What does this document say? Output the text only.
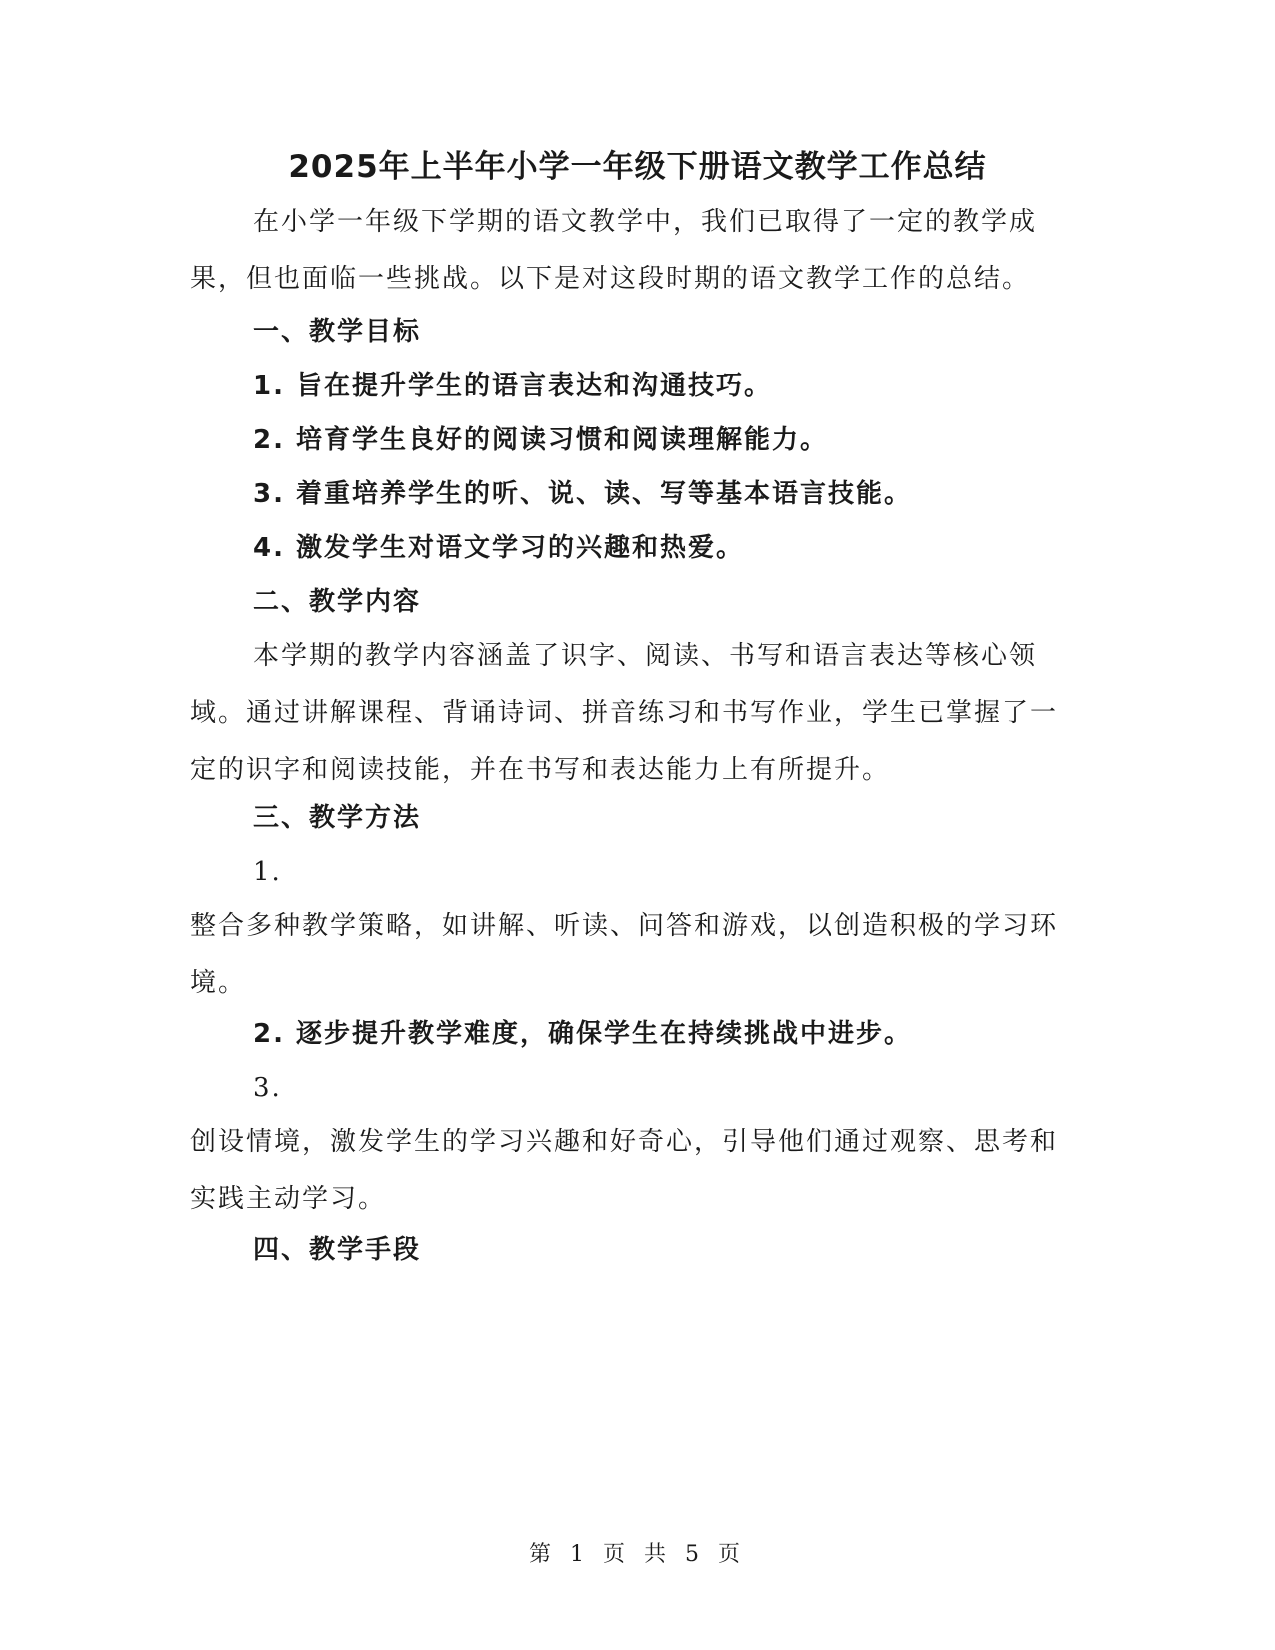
2025年上半年小学一年级下册语文教学工作总结

在小学一年级下学期的语文教学中，我们已取得了一定的教学成果，但也面临一些挑战。以下是对这段时期的语文教学工作的总结。

一、教学目标
1. 旨在提升学生的语言表达和沟通技巧。
2. 培育学生良好的阅读习惯和阅读理解能力。
3. 着重培养学生的听、说、读、写等基本语言技能。
4. 激发学生对语文学习的兴趣和热爱。
二、教学内容

本学期的教学内容涵盖了识字、阅读、书写和语言表达等核心领域。通过讲解课程、背诵诗词、拼音练习和书写作业，学生已掌握了一定的识字和阅读技能，并在书写和表达能力上有所提升。

三、教学方法
1.

整合多种教学策略，如讲解、听读、问答和游戏，以创造积极的学习环境。

2. 逐步提升教学难度，确保学生在持续挑战中进步。
3.

创设情境，激发学生的学习兴趣和好奇心，引导他们通过观察、思考和实践主动学习。

四、教学手段
第 1 页 共 5 页
